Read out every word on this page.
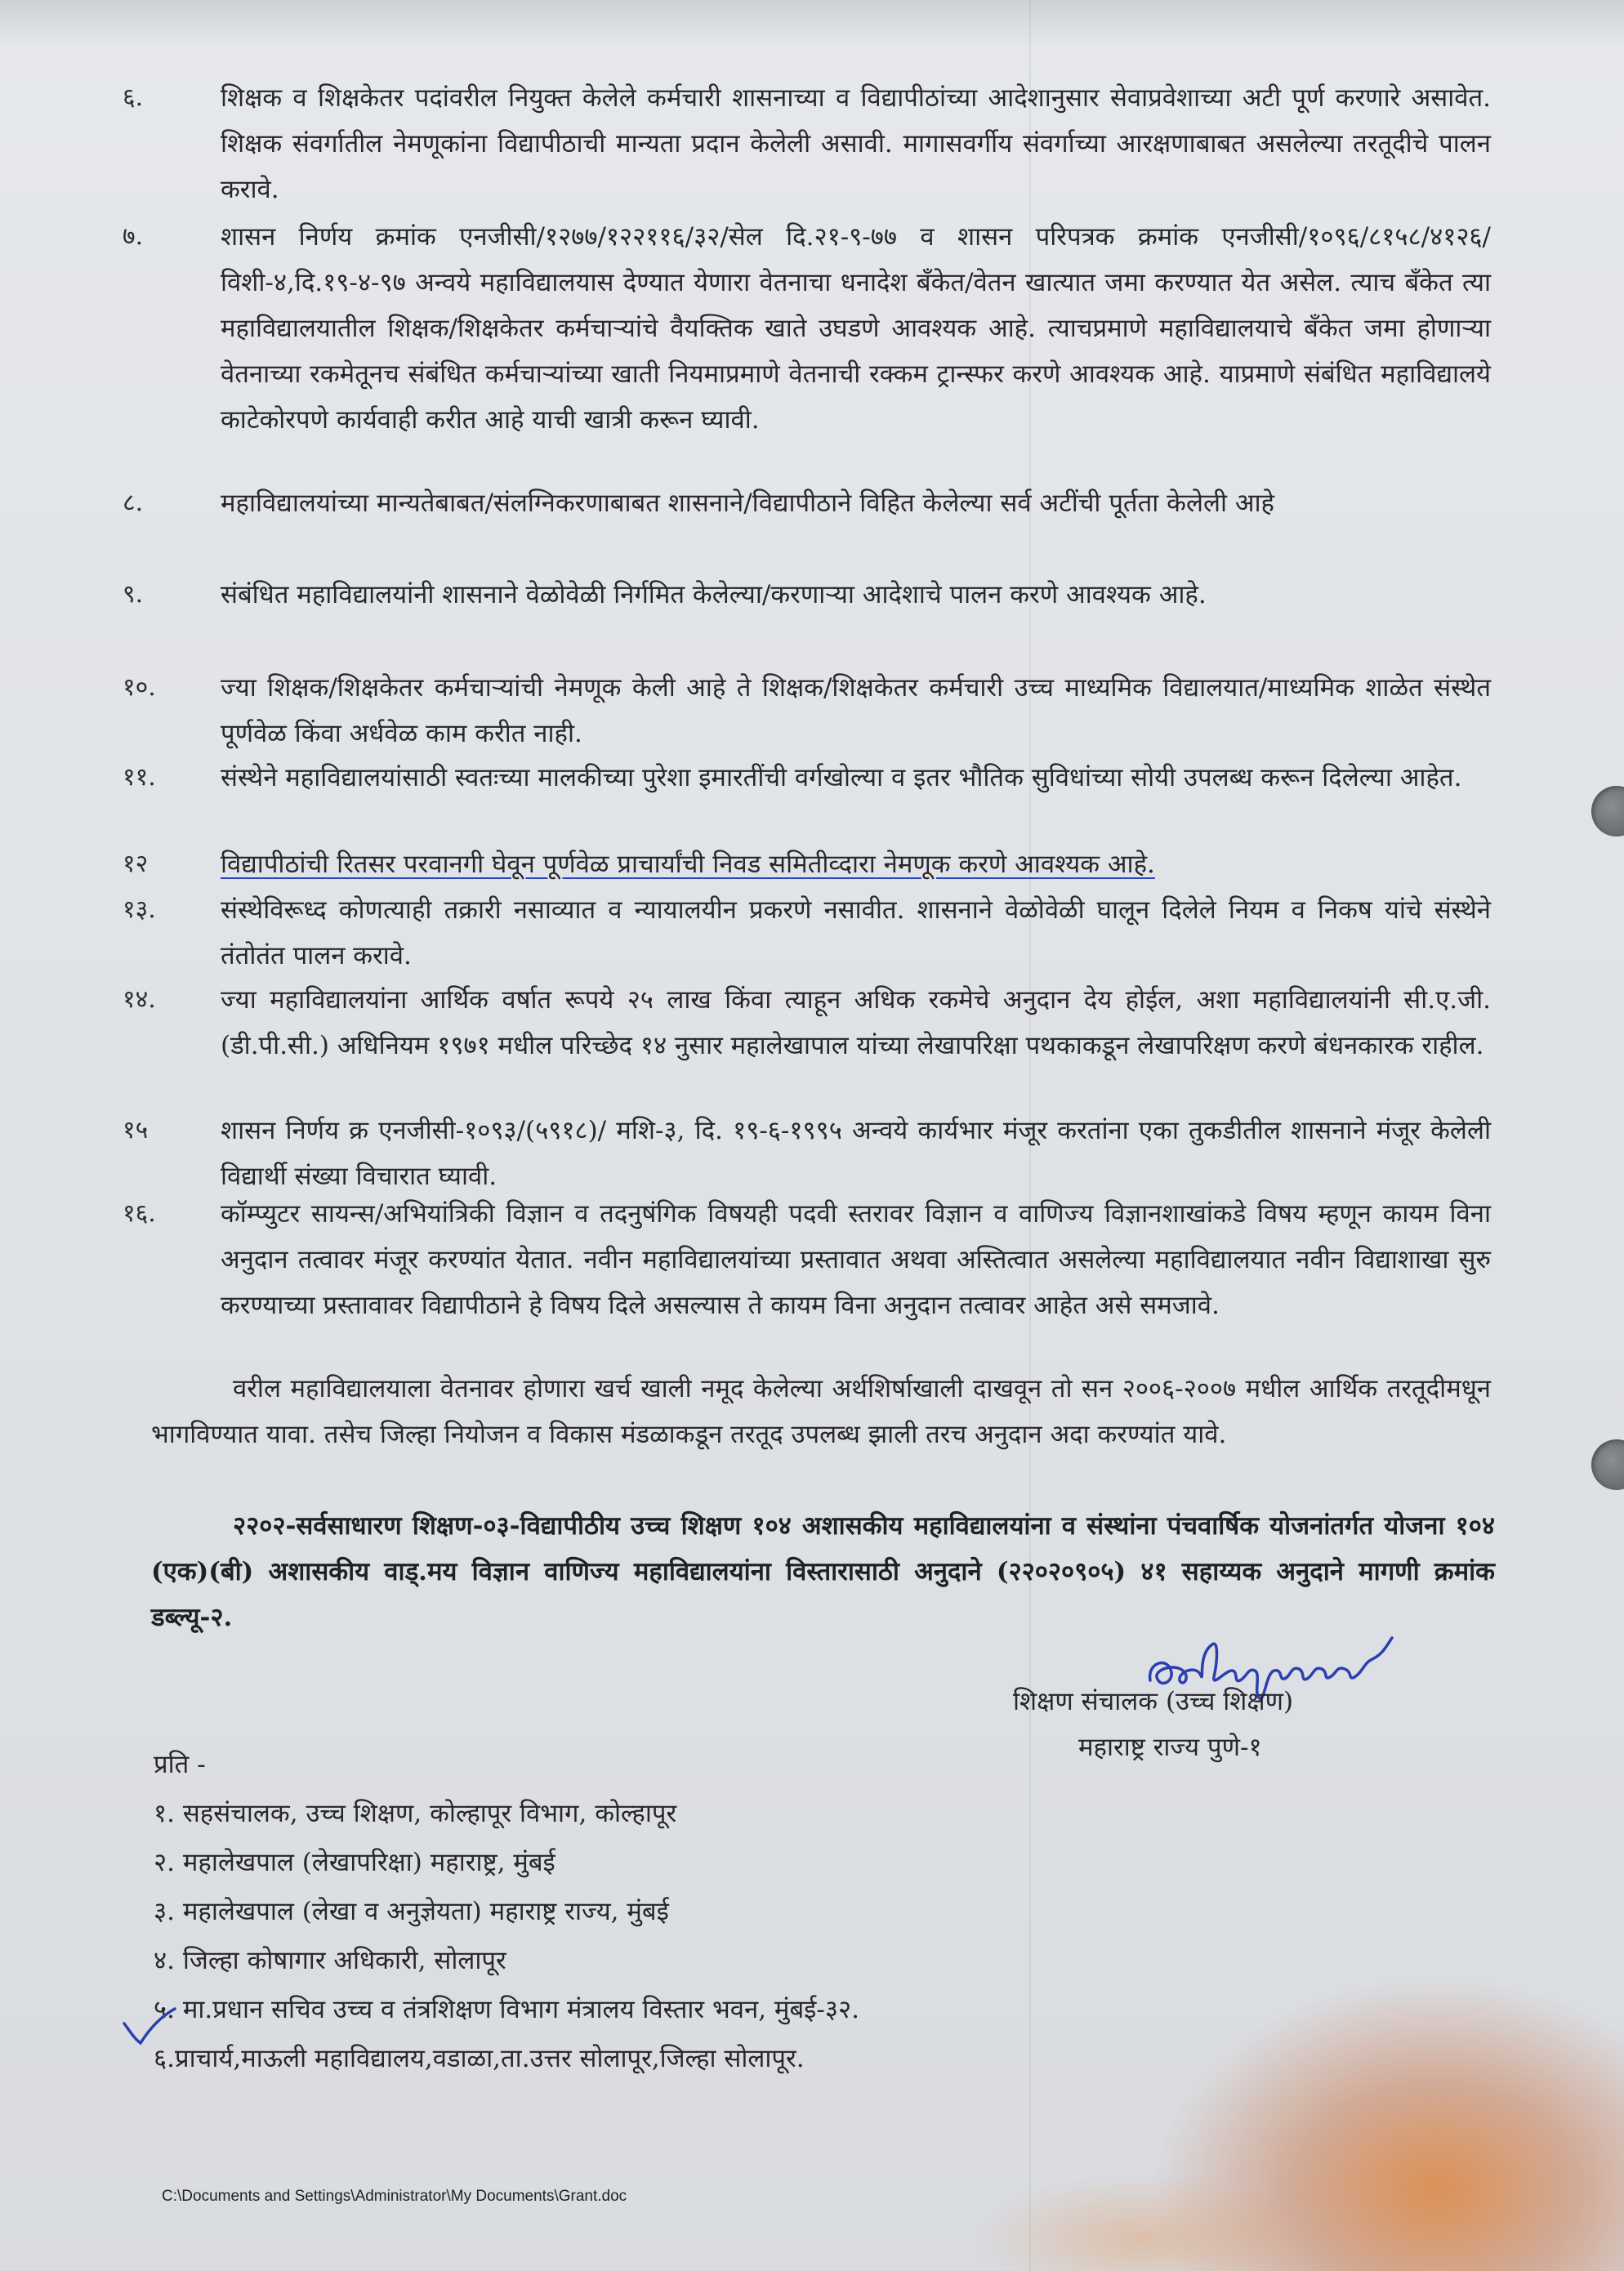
६.	शिक्षक व शिक्षकेतर पदांवरील नियुक्त केलेले कर्मचारी शासनाच्या व विद्यापीठांच्या आदेशानुसार सेवाप्रवेशाच्या अटी पूर्ण करणारे असावेत. शिक्षक संवर्गातील नेमणूकांना विद्यापीठाची मान्यता प्रदान केलेली असावी. मागासवर्गीय संवर्गाच्या आरक्षणाबाबत असलेल्या तरतूदीचे पालन करावे.
७.	शासन निर्णय क्रमांक एनजीसी/१२७७/१२२११६/३२/सेल दि.२१-९-७७ व शासन परिपत्रक क्रमांक एनजीसी/१०९६/८१५८/४१२६/विशी-४,दि.१९-४-९७ अन्वये महाविद्यालयास देण्यात येणारा वेतनाचा धनादेश बँकेत/वेतन खात्यात जमा करण्यात येत असेल. त्याच बँकेत त्या महाविद्यालयातील शिक्षक/शिक्षकेतर कर्मचाऱ्यांचे वैयक्तिक खाते उघडणे आवश्यक आहे. त्याचप्रमाणे महाविद्यालयाचे बँकेत जमा होणाऱ्या वेतनाच्या रकमेतूनच संबंधित कर्मचाऱ्यांच्या खाती नियमाप्रमाणे वेतनाची रक्कम ट्रान्स्फर करणे आवश्यक आहे. याप्रमाणे संबंधित महाविद्यालये काटेकोरपणे कार्यवाही करीत आहे याची खात्री करून घ्यावी.
८.	महाविद्यालयांच्या मान्यतेबाबत/संलग्निकरणाबाबत शासनाने/विद्यापीठाने विहित केलेल्या सर्व अटींची पूर्तता केलेली आहे
९.	संबंधित महाविद्यालयांनी शासनाने वेळोवेळी निर्गमित केलेल्या/करणाऱ्या आदेशाचे पालन करणे आवश्यक आहे.
१०.	ज्या शिक्षक/शिक्षकेतर कर्मचाऱ्यांची नेमणूक केली आहे ते शिक्षक/शिक्षकेतर कर्मचारी उच्च माध्यमिक विद्यालयात/माध्यमिक शाळेत संस्थेत पूर्णवेळ किंवा अर्धवेळ काम करीत नाही.
११.	संस्थेने महाविद्यालयांसाठी स्वतःच्या मालकीच्या पुरेशा इमारतींची वर्गखोल्या व इतर भौतिक सुविधांच्या सोयी उपलब्ध करून दिलेल्या आहेत.
१२	विद्यापीठांची रितसर परवानगी घेवून पूर्णवेळ प्राचार्यांची निवड समितीव्दारा नेमणूक करणे आवश्यक आहे.
१३.	संस्थेविरूध्द कोणत्याही तक्रारी नसाव्यात व न्यायालयीन प्रकरणे नसावीत. शासनाने वेळोवेळी घालून दिलेले नियम व निकष यांचे संस्थेने तंतोतंत पालन करावे.
१४.	ज्या महाविद्यालयांना आर्थिक वर्षात रूपये २५ लाख किंवा त्याहून अधिक रकमेचे अनुदान देय होईल, अशा महाविद्यालयांनी सी.ए.जी.(डी.पी.सी.) अधिनियम १९७१ मधील परिच्छेद १४ नुसार महालेखापाल यांच्या लेखापरिक्षा पथकाकडून लेखापरिक्षण करणे बंधनकारक राहील.
१५	शासन निर्णय क्र एनजीसी-१०९३/(५९१८)/ मशि-३, दि. १९-६-१९९५ अन्वये कार्यभार मंजूर करतांना एका तुकडीतील शासनाने मंजूर केलेली विद्यार्थी संख्या विचारात घ्यावी.
१६.	कॉम्प्युटर सायन्स/अभियांत्रिकी विज्ञान व तदनुषंगिक विषयही पदवी स्तरावर विज्ञान व वाणिज्य विज्ञानशाखांकडे विषय म्हणून कायम विना अनुदान तत्वावर मंजूर करण्यांत येतात. नवीन महाविद्यालयांच्या प्रस्तावात अथवा अस्तित्वात असलेल्या महाविद्यालयात नवीन विद्याशाखा सुरु करण्याच्या प्रस्तावावर विद्यापीठाने हे विषय दिले असल्यास ते कायम विना अनुदान तत्वावर आहेत असे समजावे.
वरील महाविद्यालयाला वेतनावर होणारा खर्च खाली नमूद केलेल्या अर्थशिर्षाखाली दाखवून तो सन २००६-२००७ मधील आर्थिक तरतूदीमधून भागविण्यात यावा. तसेच जिल्हा नियोजन व विकास मंडळाकडून तरतूद उपलब्ध झाली तरच अनुदान अदा करण्यांत यावे.
२२०२-सर्वसाधारण शिक्षण-०३-विद्यापीठीय उच्च शिक्षण १०४ अशासकीय महाविद्यालयांना व संस्थांना पंचवार्षिक योजनांतर्गत योजना १०४ (एक)(बी) अशासकीय वाड्.मय विज्ञान वाणिज्य महाविद्यालयांना विस्तारासाठी अनुदाने (२२०२०९०५) ४१ सहाय्यक अनुदाने मागणी क्रमांक डब्ल्यू-२.
शिक्षण संचालक (उच्च शिक्षण)
महाराष्ट्र राज्य पुणे-१
प्रति -
१. सहसंचालक, उच्च शिक्षण, कोल्हापूर विभाग, कोल्हापूर
२. महालेखपाल (लेखापरिक्षा) महाराष्ट्र, मुंबई
३. महालेखपाल (लेखा व अनुज्ञेयता) महाराष्ट्र राज्य, मुंबई
४. जिल्हा कोषागार अधिकारी, सोलापूर
५. मा.प्रधान सचिव उच्च व तंत्रशिक्षण विभाग मंत्रालय विस्तार भवन, मुंबई-३२.
६.प्राचार्य,माऊली महाविद्यालय,वडाळा,ता.उत्तर सोलापूर,जिल्हा सोलापूर.
C:\Documents and Settings\Administrator\My Documents\Grant.doc
